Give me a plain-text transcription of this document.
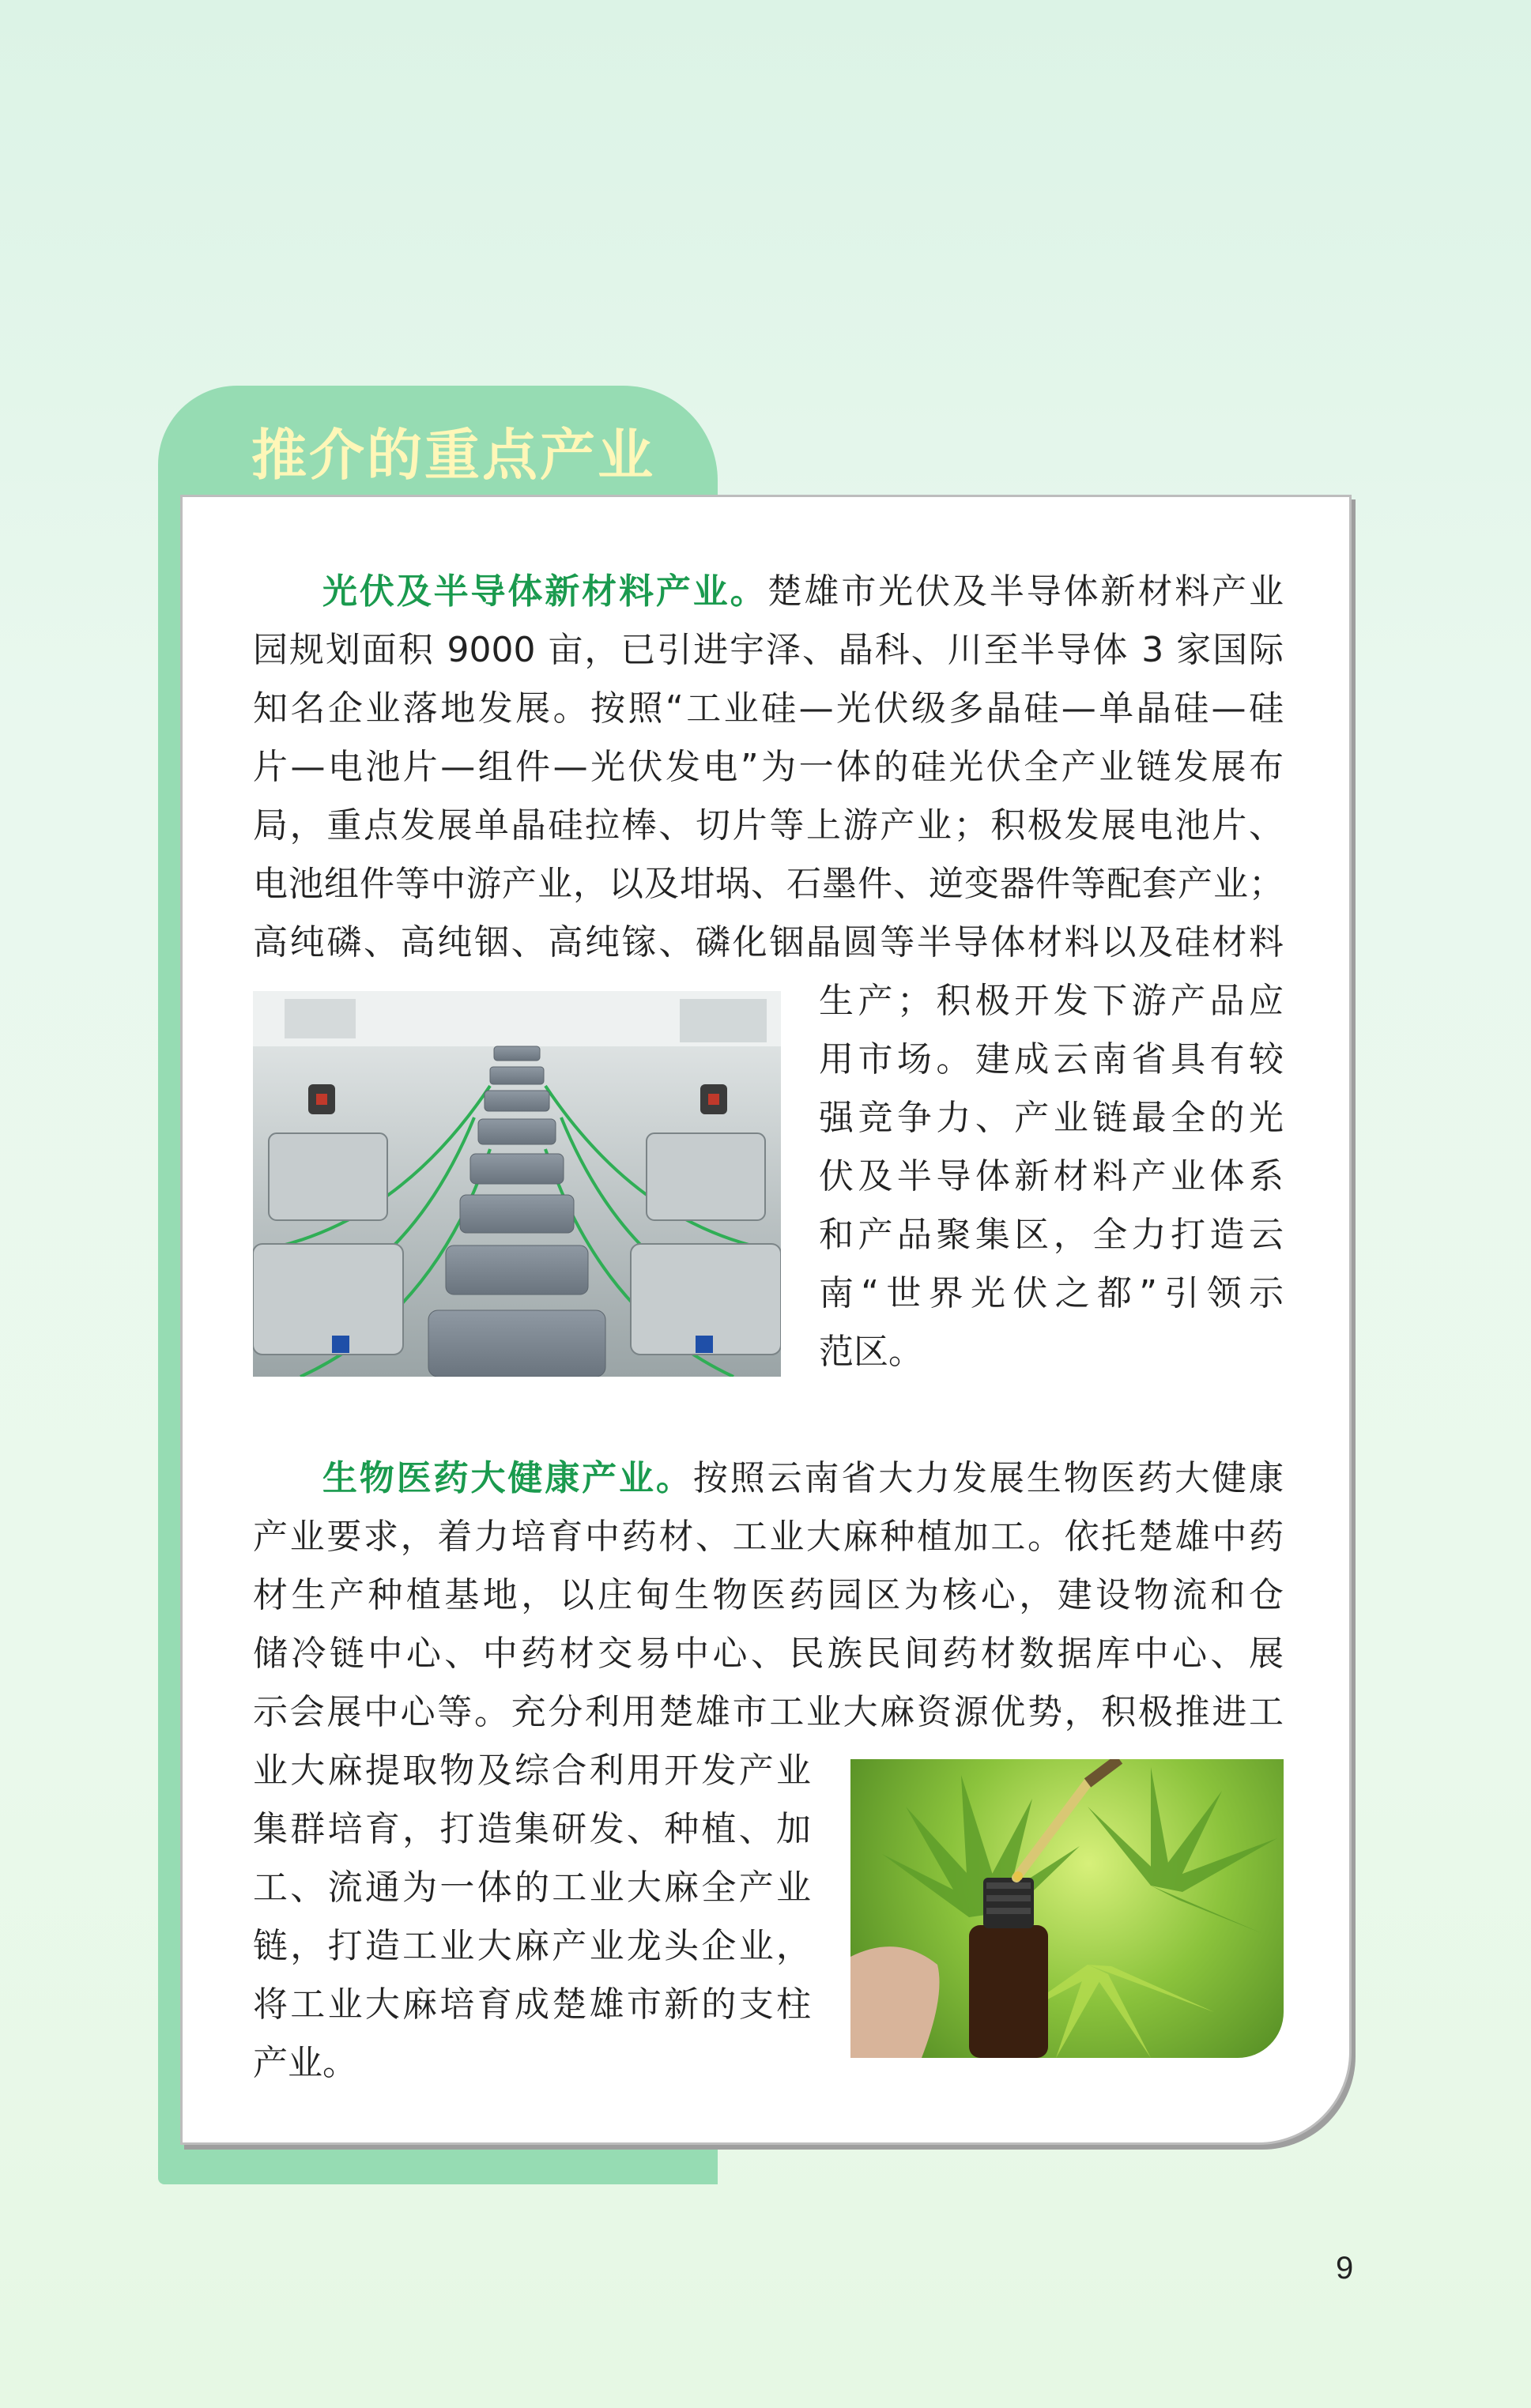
推介的重点产业
光伏及半导体新材料产业。楚雄市光伏及半导体新材料产业
园规划面积 9000 亩，已引进宇泽、晶科、川至半导体 3 家国际
知名企业落地发展。按照“工业硅—光伏级多晶硅—单晶硅—硅
片—电池片—组件—光伏发电”为一体的硅光伏全产业链发展布
局，重点发展单晶硅拉棒、切片等上游产业；积极发展电池片、
电池组件等中游产业，以及坩埚、石墨件、逆变器件等配套产业；
高纯磷、高纯铟、高纯镓、磷化铟晶圆等半导体材料以及硅材料
生产；积极开发下游产品应
用市场。建成云南省具有较
强竞争力、产业链最全的光
伏及半导体新材料产业体系
和产品聚集区，全力打造云
南“世界光伏之都”引领示
范区。
生物医药大健康产业。按照云南省大力发展生物医药大健康
产业要求，着力培育中药材、工业大麻种植加工。依托楚雄中药
材生产种植基地，以庄甸生物医药园区为核心，建设物流和仓
储冷链中心、中药材交易中心、民族民间药材数据库中心、展
示会展中心等。充分利用楚雄市工业大麻资源优势，积极推进工
业大麻提取物及综合利用开发产业
集群培育，打造集研发、种植、加
工、流通为一体的工业大麻全产业
链，打造工业大麻产业龙头企业，
将工业大麻培育成楚雄市新的支柱
产业。
9
